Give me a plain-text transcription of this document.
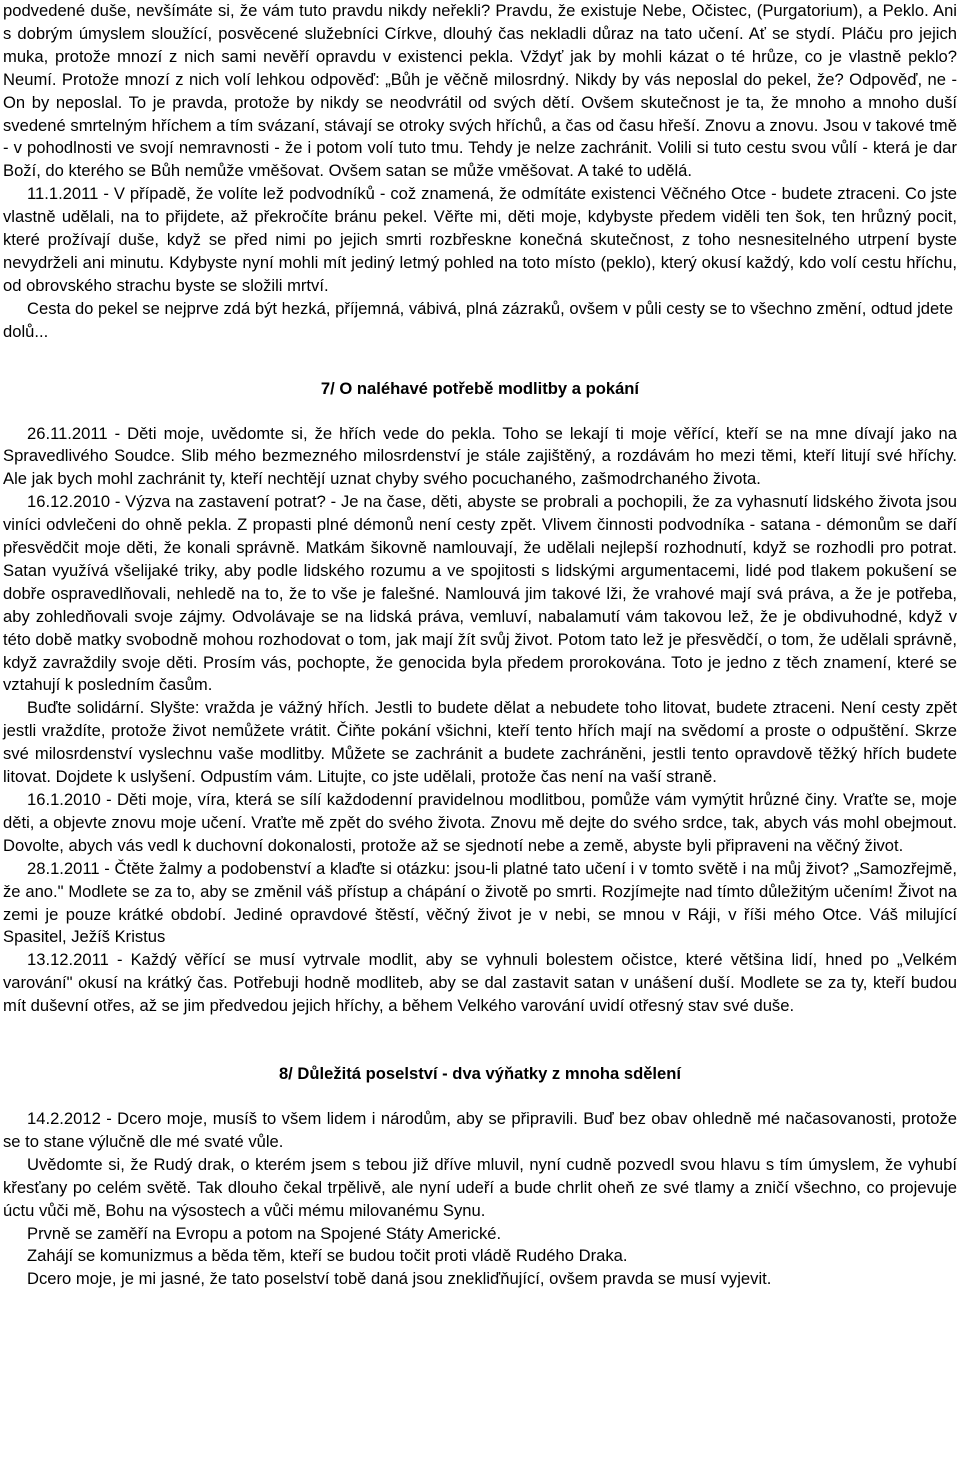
podvedené duše, nevšímáte si, že vám tuto pravdu nikdy neřekli? Pravdu, že existuje Nebe, Očistec, (Purgatorium), a Peklo. Ani s dobrým úmyslem sloužící, posvěcené služebníci Církve, dlouhý čas nekladli důraz na tato učení. Ať se stydí. Pláču pro jejich muka, protože mnozí z nich sami nevěří opravdu v existenci pekla. Vždyť jak by mohli kázat o té hrůze, co je vlastně peklo? Neumí. Protože mnozí z nich volí lehkou odpověď: „Bůh je věčně milosrdný. Nikdy by vás neposlal do pekel, že? Odpověď, ne - On by neposlal. To je pravda, protože by nikdy se neodvrátil od svých dětí. Ovšem skutečnost je ta, že mnoho a mnoho duší svedené smrtelným hříchem a tím svázaní, stávají se otroky svých hříchů, a čas od času hřeší. Znovu a znovu. Jsou v takové tmě - v pohodlnosti ve svojí nemravnosti - že i potom volí tuto tmu. Tehdy je nelze zachránit. Volili si tuto cestu svou vůlí - která je dar Boží, do kterého se Bůh nemůže vměšovat. Ovšem satan se může vměšovat. A také to udělá.

11.1.2011 - V případě, že volíte lež podvodníků - což znamená, že odmítáte existenci Věčného Otce - budete ztraceni. Co jste vlastně udělali, na to přijdete, až překročíte bránu pekel. Věřte mi, děti moje, kdybyste předem viděli ten šok, ten hrůzný pocit, které prožívají duše, když se před nimi po jejich smrti rozbřeskne konečná skutečnost, z toho nesnesitelného utrpení byste nevydrželi ani minutu. Kdybyste nyní mohli mít jediný letmý pohled na toto místo (peklo), který okusí každý, kdo volí cestu hříchu, od obrovského strachu byste se složili mrtví.

Cesta do pekel se nejprve zdá být hezká, příjemná, vábivá, plná zázraků, ovšem v půli cesty se to všechno změní, odtud jdete dolů...

7/ O naléhavé potřebě modlitby a pokání

26.11.2011 - Děti moje, uvědomte si, že hřích vede do pekla. Toho se lekají ti moje věřící, kteří se na mne dívají jako na Spravedlivého Soudce. Slib mého bezmezného milosrdenství je stále zajištěný, a rozdávám ho mezi těmi, kteří litují své hříchy. Ale jak bych mohl zachránit ty, kteří nechtějí uznat chyby svého pocuchaného, zašmodrchaného života.

16.12.2010 - Výzva na zastavení potrat? - Je na čase, děti, abyste se probrali a pochopili, že za vyhasnutí lidského života jsou viníci odvlečeni do ohně pekla. Z propasti plné démonů není cesty zpět. Vlivem činnosti podvodníka - satana - démonům se daří přesvědčit moje děti, že konali správně. Matkám šikovně namlouvají, že udělali nejlepší rozhodnutí, když se rozhodli pro potrat. Satan využívá všelijaké triky, aby podle lidského rozumu a ve spojitosti s lidskými argumentacemi, lidé pod tlakem pokušení se dobře ospravedlňovali, nehledě na to, že to vše je falešné. Namlouvá jim takové lži, že vrahové mají svá práva, a že je potřeba, aby zohledňovali svoje zájmy. Odvolávaje se na lidská práva, vemluví, nabalamutí vám takovou lež, že je obdivuhodné, když v této době matky svobodně mohou rozhodovat o tom, jak mají žít svůj život. Potom tato lež je přesvědčí, o tom, že udělali správně, když zavraždily svoje děti. Prosím vás, pochopte, že genocida byla předem prorokována. Toto je jedno z těch znamení, které se vztahují k posledním časům.

Buďte solidární. Slyšte: vražda je vážný hřích. Jestli to budete dělat a nebudete toho litovat, budete ztraceni. Není cesty zpět jestli vraždíte, protože život nemůžete vrátit. Čiňte pokání všichni, kteří tento hřích mají na svědomí a proste o odpuštění. Skrze své milosrdenství vyslechnu vaše modlitby. Můžete se zachránit a budete zachráněni, jestli tento opravdově těžký hřích budete litovat. Dojdete k uslyšení. Odpustím vám. Litujte, co jste udělali, protože čas není na vaší straně.

16.1.2010 - Děti moje, víra, která se sílí každodenní pravidelnou modlitbou, pomůže vám vymýtit hrůzné činy. Vraťte se, moje děti, a objevte znovu moje učení. Vraťte mě zpět do svého života. Znovu mě dejte do svého srdce, tak, abych vás mohl obejmout. Dovolte, abych vás vedl k duchovní dokonalosti, protože až se sjednotí nebe a země, abyste byli připraveni na věčný život.

28.1.2011 - Čtěte žalmy a podobenství a klaďte si otázku: jsou-li platné tato učení i v tomto světě i na můj život? „Samozřejmě, že ano." Modlete se za to, aby se změnil váš přístup a chápání o životě po smrti. Rozjímejte nad tímto důležitým učením! Život na zemi je pouze krátké období. Jediné opravdové štěstí, věčný život je v nebi, se mnou v Ráji, v říši mého Otce. Váš milující Spasitel, Ježíš Kristus

13.12.2011 - Každý věřící se musí vytrvale modlit, aby se vyhnuli bolestem očistce, které většina lidí, hned po „Velkém varování" okusí na krátký čas. Potřebuji hodně modliteb, aby se dal zastavit satan v unášení duší. Modlete se za ty, kteří budou mít duševní otřes, až se jim předvedou jejich hříchy, a během Velkého varování uvidí otřesný stav své duše.

8/ Důležitá poselství - dva výňatky z mnoha sdělení

14.2.2012 - Dcero moje, musíš to všem lidem i národům, aby se připravili. Buď bez obav ohledně mé načasovanosti, protože se to stane výlučně dle mé svaté vůle.

Uvědomte si, že Rudý drak, o kterém jsem s tebou již dříve mluvil, nyní cudně pozvedl svou hlavu s tím úmyslem, že vyhubí křesťany po celém světě. Tak dlouho čekal trpělivě, ale nyní udeří a bude chrlit oheň ze své tlamy a zničí všechno, co projevuje úctu vůči mě, Bohu na výsostech a vůči mému milovanému Synu.

Prvně se zaměří na Evropu a potom na Spojené Státy Americké.

Zahájí se komunizmus a běda těm, kteří se budou točit proti vládě Rudého Draka.

Dcero moje, je mi jasné, že tato poselství tobě daná jsou znekliďňující, ovšem pravda se musí vyjevit.
